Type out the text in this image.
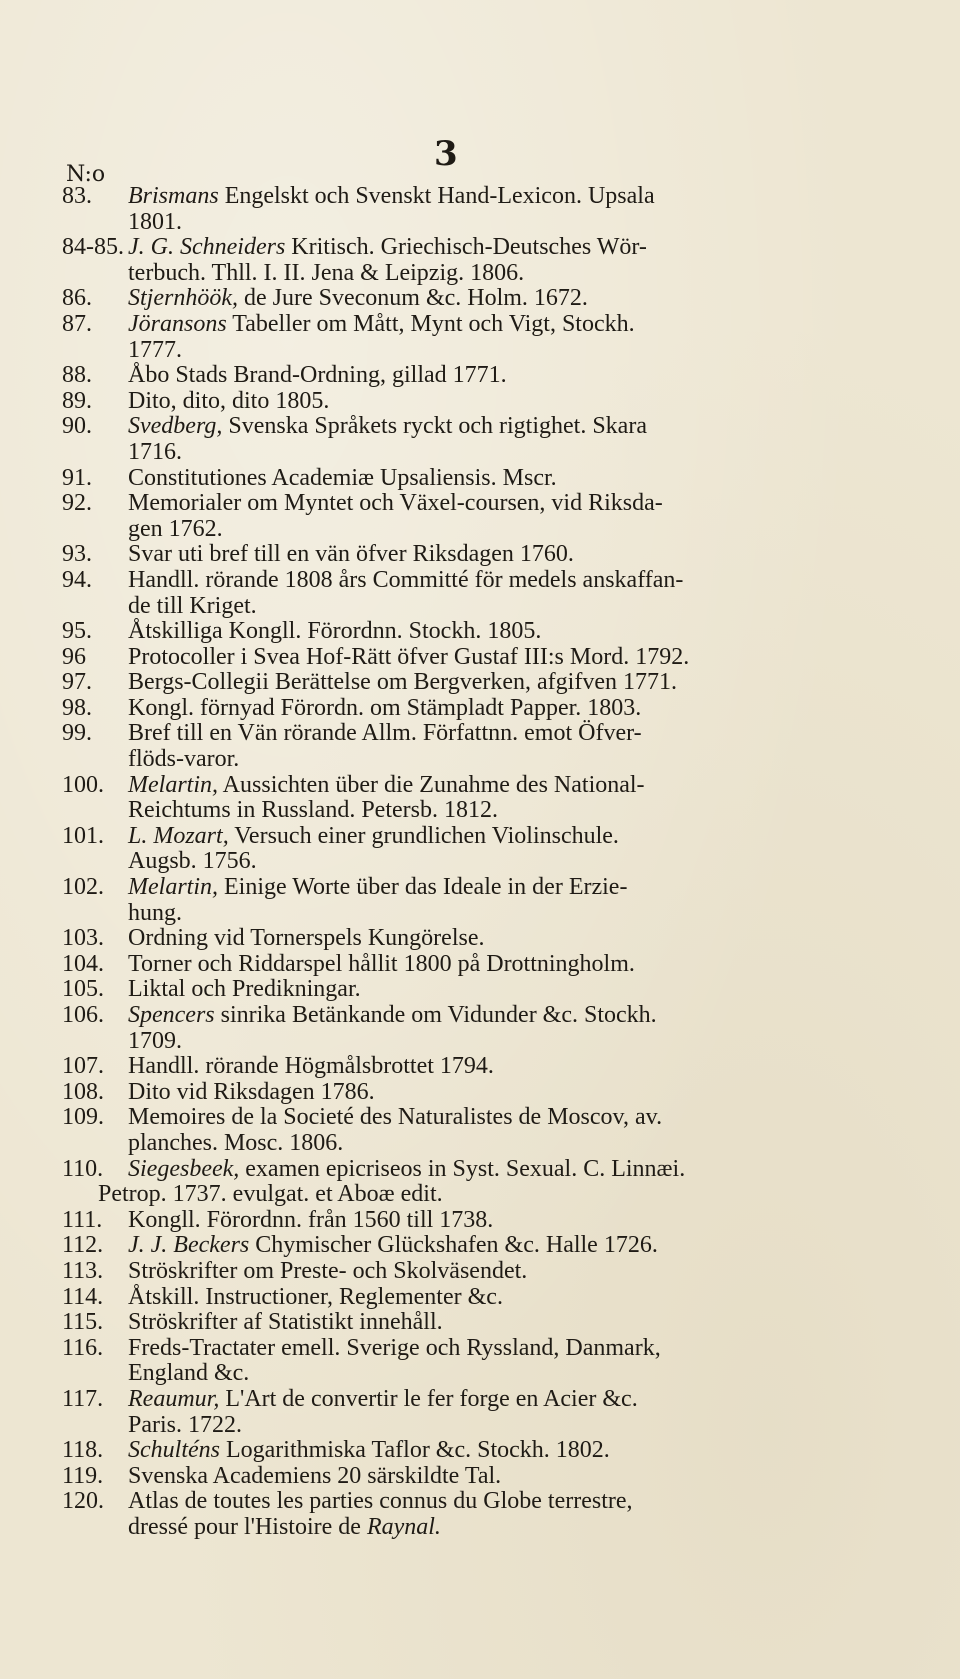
3

N:o

83. Brismans Engelskt och Svenskt Hand-Lexicon. Upsala
1801.
84-85. J. G. Schneiders Kritisch. Griechisch-Deutsches Wör-
terbuch. Thll. I. II. Jena & Leipzig. 1806.
86. Stjernhöök, de Jure Sveconum &c. Holm. 1672.
87. Jöransons Tabeller om Mått, Mynt och Vigt, Stockh.
1777.
88. Åbo Stads Brand-Ordning, gillad 1771.
89. Dito, dito, dito 1805.
90. Svedberg, Svenska Språkets ryckt och rigtighet. Skara
1716.
91. Constitutiones Academiæ Upsaliensis. Mscr.
92. Memorialer om Myntet och Växel-coursen, vid Riksda-
gen 1762.
93. Svar uti bref till en vän öfver Riksdagen 1760.
94. Handll. rörande 1808 års Committé för medels anskaffan-
de till Kriget.
95. Åtskilliga Kongll. Förordnn. Stockh. 1805.
96 Protocoller i Svea Hof-Rätt öfver Gustaf III:s Mord. 1792.
97. Bergs-Collegii Berättelse om Bergverken, afgifven 1771.
98. Kongl. förnyad Förordn. om Stämpladt Papper. 1803.
99. Bref till en Vän rörande Allm. Författnn. emot Öfver-
flöds-varor.
100. Melartin, Aussichten über die Zunahme des National-
Reichtums in Russland. Petersb. 1812.
101. L. Mozart, Versuch einer grundlichen Violinschule.
Augsb. 1756.
102. Melartin, Einige Worte über das Ideale in der Erzie-
hung.
103. Ordning vid Tornerspels Kungörelse.
104. Torner och Riddarspel hållit 1800 på Drottningholm.
105. Liktal och Predikningar.
106. Spencers sinrika Betänkande om Vidunder &c. Stockh.
1709.
107. Handll. rörande Högmålsbrottet 1794.
108. Dito vid Riksdagen 1786.
109. Memoires de la Societé des Naturalistes de Moscov, av.
planches. Mosc. 1806.
110. Siegesbeek, examen epicriseos in Syst. Sexual. C. Linnæi.
Petrop. 1737. evulgat. et Aboæ edit.
111. Kongll. Förordnn. från 1560 till 1738.
112. J. J. Beckers Chymischer Glückshafen &c. Halle 1726.
113. Ströskrifter om Preste- och Skolväsendet.
114. Åtskill. Instructioner, Reglementer &c.
115. Ströskrifter af Statistikt innehåll.
116. Freds-Tractater emell. Sverige och Ryssland, Danmark,
England &c.
117. Reaumur, L'Art de convertir le fer forge en Acier &c.
Paris. 1722.
118. Schulténs Logarithmiska Taflor &c. Stockh. 1802.
119. Svenska Academiens 20 särskildte Tal.
120. Atlas de toutes les parties connus du Globe terrestre,
dressé pour l'Histoire de Raynal.
